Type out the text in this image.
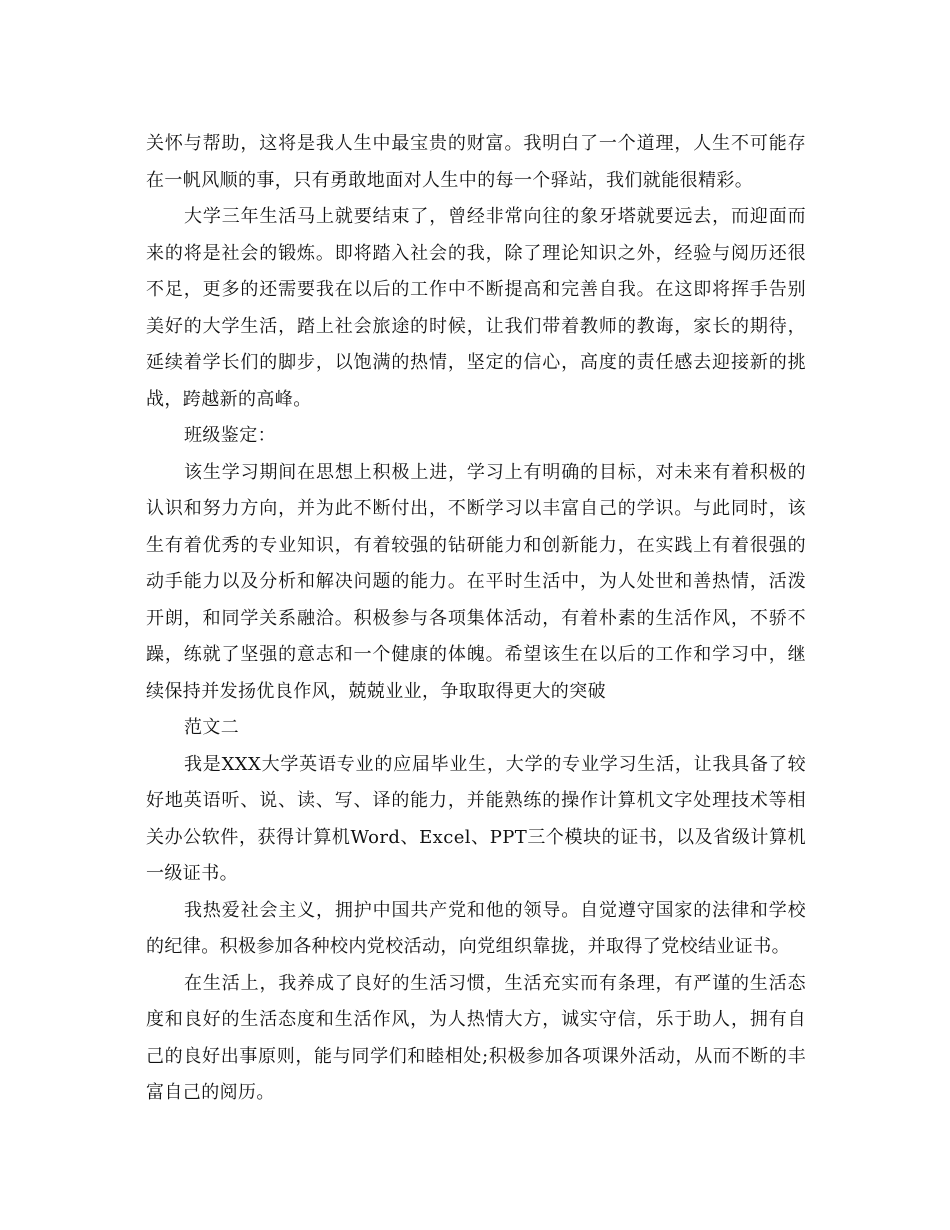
关怀与帮助，这将是我人生中最宝贵的财富。我明白了一个道理，人生不可能存在一帆风顺的事，只有勇敢地面对人生中的每一个驿站，我们就能很精彩。

大学三年生活马上就要结束了，曾经非常向往的象牙塔就要远去，而迎面而来的将是社会的锻炼。即将踏入社会的我，除了理论知识之外，经验与阅历还很不足，更多的还需要我在以后的工作中不断提高和完善自我。在这即将挥手告别美好的大学生活，踏上社会旅途的时候，让我们带着教师的教诲，家长的期待，延续着学长们的脚步，以饱满的热情，坚定的信心，高度的责任感去迎接新的挑战，跨越新的高峰。

班级鉴定：

该生学习期间在思想上积极上进，学习上有明确的目标，对未来有着积极的认识和努力方向，并为此不断付出，不断学习以丰富自己的学识。与此同时，该生有着优秀的专业知识，有着较强的钻研能力和创新能力，在实践上有着很强的动手能力以及分析和解决问题的能力。在平时生活中，为人处世和善热情，活泼开朗，和同学关系融洽。积极参与各项集体活动，有着朴素的生活作风，不骄不躁，练就了坚强的意志和一个健康的体魄。希望该生在以后的工作和学习中，继续保持并发扬优良作风，兢兢业业，争取取得更大的突破

范文二

我是XXX大学英语专业的应届毕业生，大学的专业学习生活，让我具备了较好地英语听、说、读、写、译的能力，并能熟练的操作计算机文字处理技术等相关办公软件，获得计算机Word、Excel、PPT三个模块的证书，以及省级计算机一级证书。

我热爱社会主义，拥护中国共产党和他的领导。自觉遵守国家的法律和学校的纪律。积极参加各种校内党校活动，向党组织靠拢，并取得了党校结业证书。

在生活上，我养成了良好的生活习惯，生活充实而有条理，有严谨的生活态度和良好的生活态度和生活作风，为人热情大方，诚实守信，乐于助人，拥有自己的良好出事原则，能与同学们和睦相处;积极参加各项课外活动，从而不断的丰富自己的阅历。
